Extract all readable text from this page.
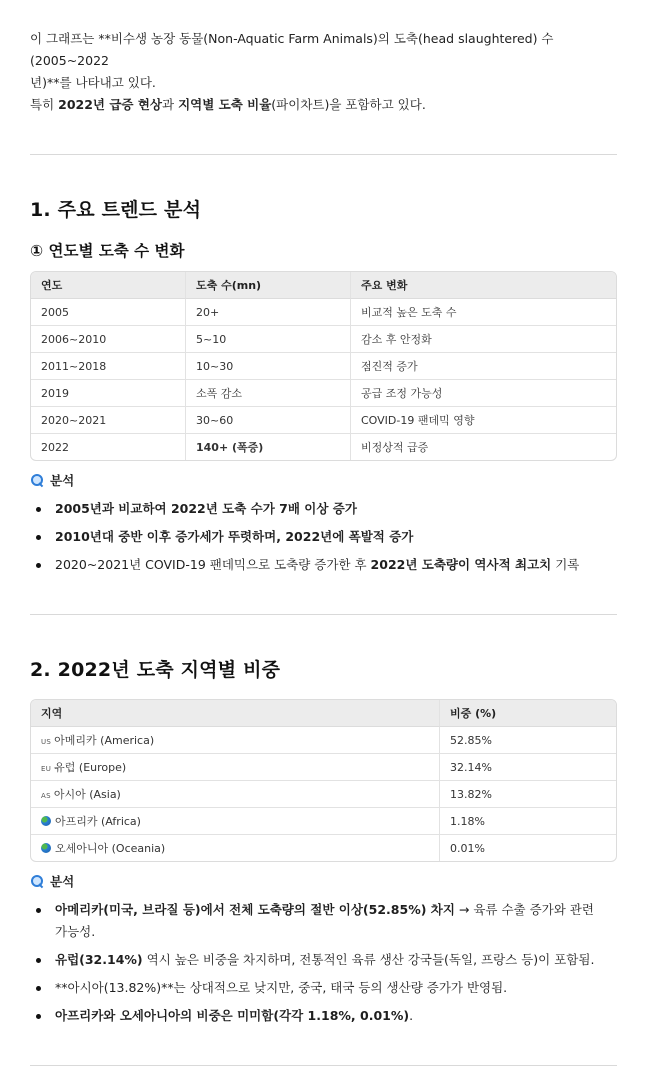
이 그래프는 **비수생 농장 동물(Non-Aquatic Farm Animals)의 도축(head slaughtered) 수(2005~2022
년)**를 나타내고 있다.

특히 2022년 급증 현상과 지역별 도축 비율(파이차트)을 포함하고 있다.

1. 주요 트렌드 분석
① 연도별 도축 수 변화
연도	도축 수(mn)	주요 변화
2005	20+	비교적 높은 도축 수
2006~2010	5~10	감소 후 안정화
2011~2018	10~30	점진적 증가
2019	소폭 감소	공급 조정 가능성
2020~2021	30~60	COVID-19 팬데믹 영향
2022	140+ (폭증)	비정상적 급증
분석
2005년과 비교하여 2022년 도축 수가 7배 이상 증가
2010년대 중반 이후 증가세가 뚜렷하며, 2022년에 폭발적 증가
2020~2021년 COVID-19 팬데믹으로 도축량 증가한 후 2022년 도축량이 역사적 최고치 기록
2. 2022년 도축 지역별 비중
지역	비중 (%)
US 아메리카 (America)	52.85%
EU 유럽 (Europe)	32.14%
AS 아시아 (Asia)	13.82%
아프리카 (Africa)	1.18%
오세아니아 (Oceania)	0.01%
분석
아메리카(미국, 브라질 등)에서 전체 도축량의 절반 이상(52.85%) 차지 → 육류 수출 증가와 관련
가능성.
유럽(32.14%) 역시 높은 비중을 차지하며, 전통적인 육류 생산 강국들(독일, 프랑스 등)이 포함됨.
**아시아(13.82%)**는 상대적으로 낮지만, 중국, 태국 등의 생산량 증가가 반영됨.
아프리카와 오세아니아의 비중은 미미함(각각 1.18%, 0.01%).
